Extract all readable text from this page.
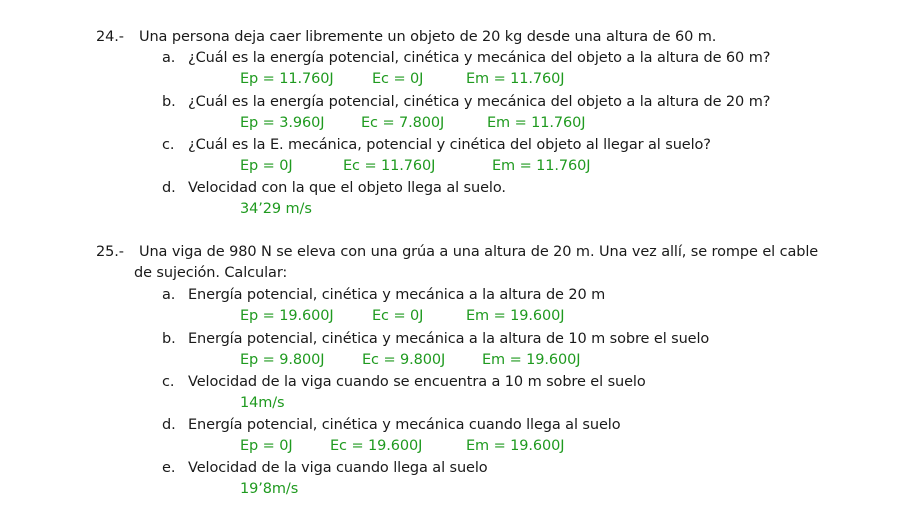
24.- Una persona deja caer libremente un objeto de 20 kg desde una altura de 60 m.
a. ¿Cuál es la energía potencial, cinética y mecánica del objeto a la altura de 60 m?
Ep = 11.760J	Ec = 0J	Em = 11.760J
b. ¿Cuál es la energía potencial, cinética y mecánica del objeto a la altura de 20 m?
Ep = 3.960J	Ec = 7.800J	Em = 11.760J
c. ¿Cuál es la E. mecánica, potencial y cinética del objeto al llegar al suelo?
Ep = 0J	Ec = 11.760J	Em = 11.760J
d. Velocidad con la que el objeto llega al suelo.
34’29 m/s
25.- Una viga de 980 N se eleva con una grúa a una altura de 20 m. Una vez allí, se rompe el cable
de sujeción. Calcular:
a. Energía potencial, cinética y mecánica a la altura de 20 m
Ep = 19.600J	Ec = 0J	Em = 19.600J
b. Energía potencial, cinética y mecánica a la altura de 10 m sobre el suelo
Ep = 9.800J	Ec = 9.800J	Em = 19.600J
c. Velocidad de la viga cuando se encuentra a 10 m sobre el suelo
14m/s
d. Energía potencial, cinética y mecánica cuando llega al suelo
Ep = 0J	Ec = 19.600J	Em = 19.600J
e. Velocidad de la viga cuando llega al suelo
19’8m/s
